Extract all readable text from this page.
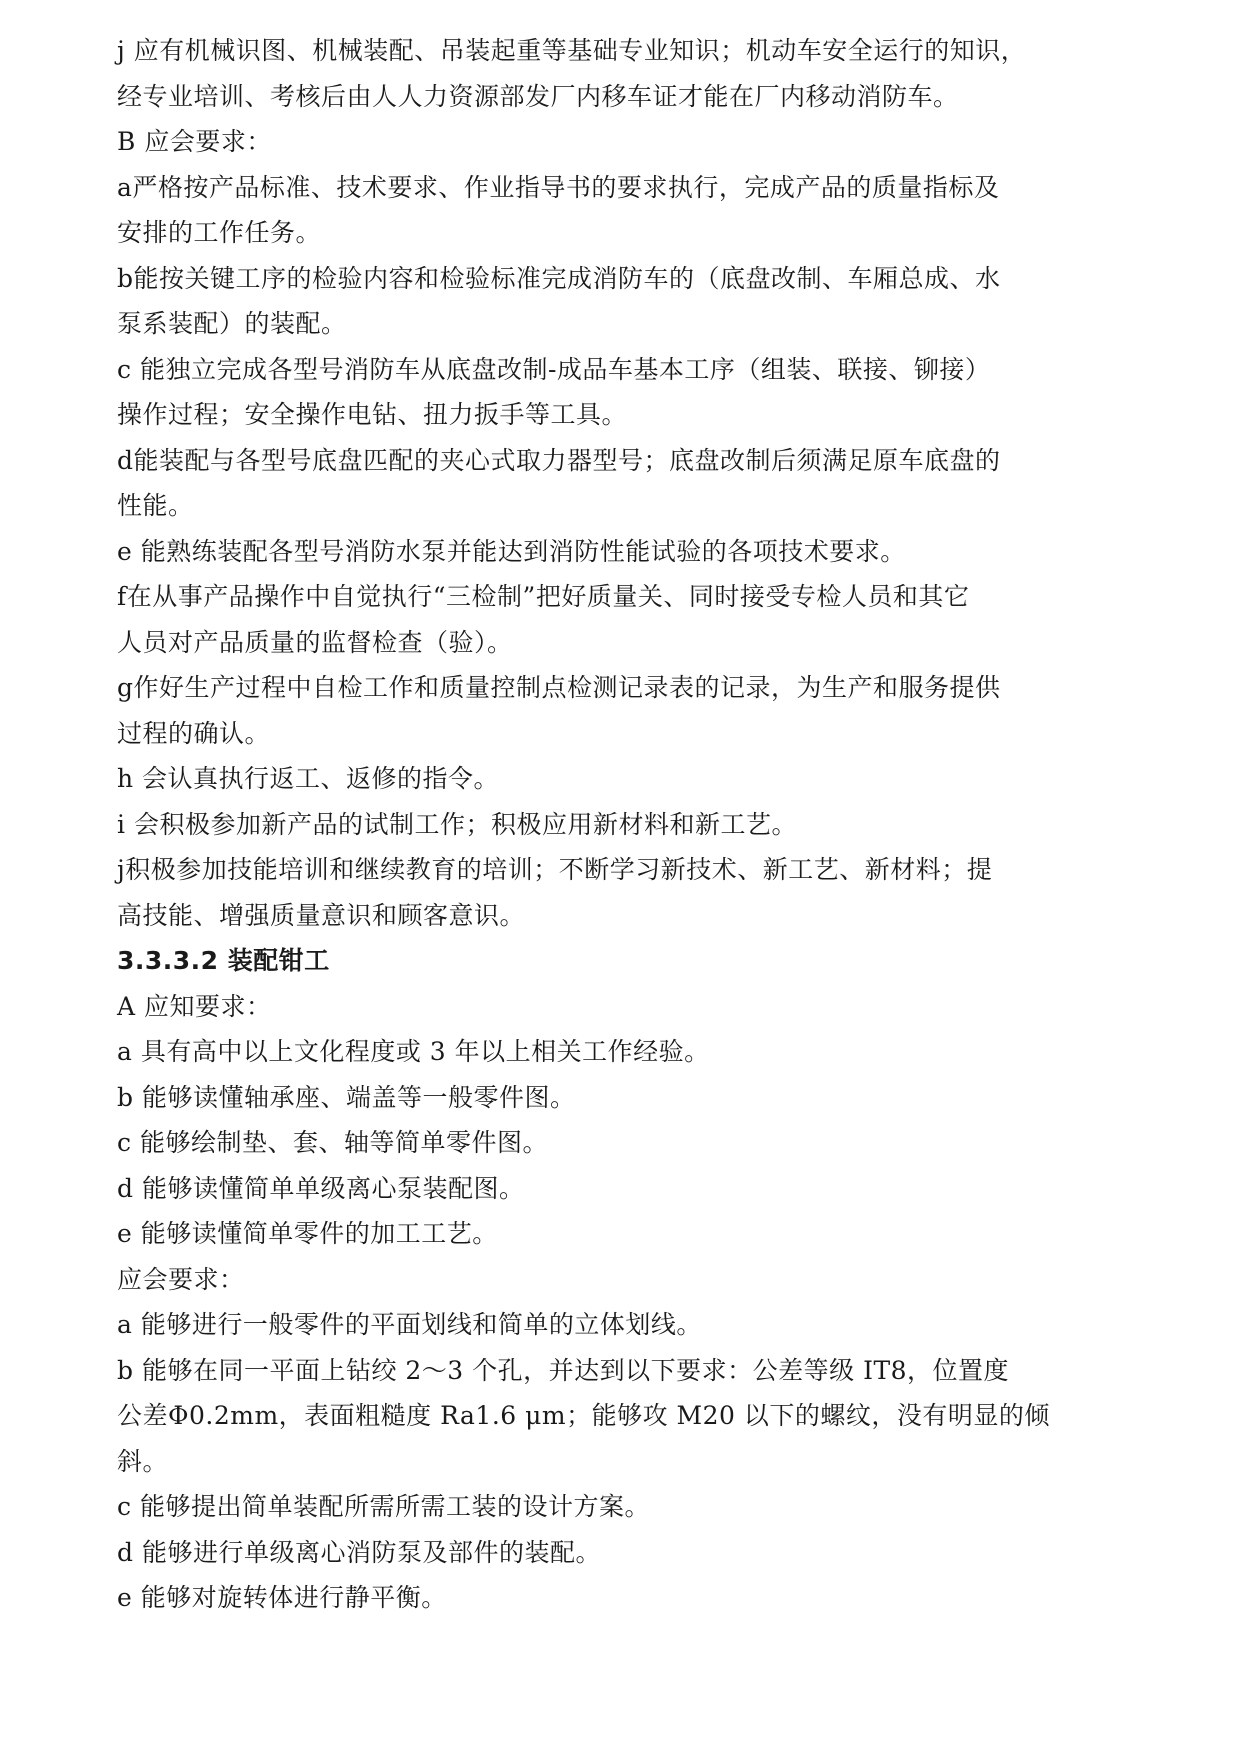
j 应有机械识图、机械装配、吊装起重等基础专业知识；机动车安全运行的知识，
经专业培训、考核后由人人力资源部发厂内移车证才能在厂内移动消防车。
B 应会要求：
a严格按产品标准、技术要求、作业指导书的要求执行，完成产品的质量指标及
安排的工作任务。
b能按关键工序的检验内容和检验标准完成消防车的（底盘改制、车厢总成、水
泵系装配）的装配。
c 能独立完成各型号消防车从底盘改制-成品车基本工序（组装、联接、铆接）
操作过程；安全操作电钻、扭力扳手等工具。
d能装配与各型号底盘匹配的夹心式取力器型号；底盘改制后须满足原车底盘的
性能。
e 能熟练装配各型号消防水泵并能达到消防性能试验的各项技术要求。
f在从事产品操作中自觉执行“三检制”把好质量关、同时接受专检人员和其它
人员对产品质量的监督检查（验）。
g作好生产过程中自检工作和质量控制点检测记录表的记录，为生产和服务提供
过程的确认。
h 会认真执行返工、返修的指令。
i 会积极参加新产品的试制工作；积极应用新材料和新工艺。
j积极参加技能培训和继续教育的培训；不断学习新技术、新工艺、新材料；提
高技能、增强质量意识和顾客意识。
3.3.3.2 装配钳工
A 应知要求：
a 具有高中以上文化程度或 3 年以上相关工作经验。
b 能够读懂轴承座、端盖等一般零件图。
c 能够绘制垫、套、轴等简单零件图。
d 能够读懂简单单级离心泵装配图。
e 能够读懂简单零件的加工工艺。
应会要求：
a 能够进行一般零件的平面划线和简单的立体划线。
b 能够在同一平面上钻绞 2～3 个孔，并达到以下要求：公差等级 IT8，位置度
公差Φ0.2mm，表面粗糙度 Ra1.6 μm；能够攻 M20 以下的螺纹，没有明显的倾
斜。
c 能够提出简单装配所需所需工装的设计方案。
d 能够进行单级离心消防泵及部件的装配。
e 能够对旋转体进行静平衡。
